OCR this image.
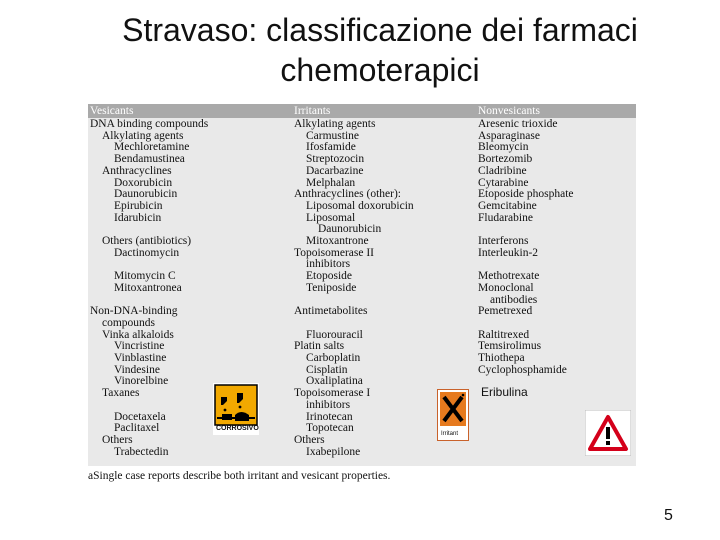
Stravaso: classificazione dei farmaci
chemoterapici
Vesicants	Irritants	Nonvesicants
DNA binding compounds
Alkylating agents
Mechloretamine
Bendamustinea
Anthracyclines
Doxorubicin
Daunorubicin
Epirubicin
Idarubicin
Others (antibiotics)
Dactinomycin
Mitomycin C
Mitoxantronea
Non-DNA-binding
compounds
Vinka alkaloids
Vincristine
Vinblastine
Vindesine
Vinorelbine
Taxanes
Docetaxela
Paclitaxel
Others
Trabectedin
Alkylating agents
Carmustine
Ifosfamide
Streptozocin
Dacarbazine
Melphalan
Anthracyclines (other):
Liposomal doxorubicin
Liposomal
Daunorubicin
Mitoxantrone
Topoisomerase II
inhibitors
Etoposide
Teniposide
Antimetabolites
Fluorouracil
Platin salts
Carboplatin
Cisplatin
Oxaliplatina
Topoisomerase I
inhibitors
Irinotecan
Topotecan
Others
Ixabepilone
Aresenic trioxide
Asparaginase
Bleomycin
Bortezomib
Cladribine
Cytarabine
Etoposide phosphate
Gemcitabine
Fludarabine
Interferons
Interleukin-2
Methotrexate
Monoclonal
antibodies
Pemetrexed
Raltitrexed
Temsirolimus
Thiothepa
Cyclophosphamide
CORROSIVO
Irritant
Eribulina
aSingle case reports describe both irritant and vesicant properties.
5
